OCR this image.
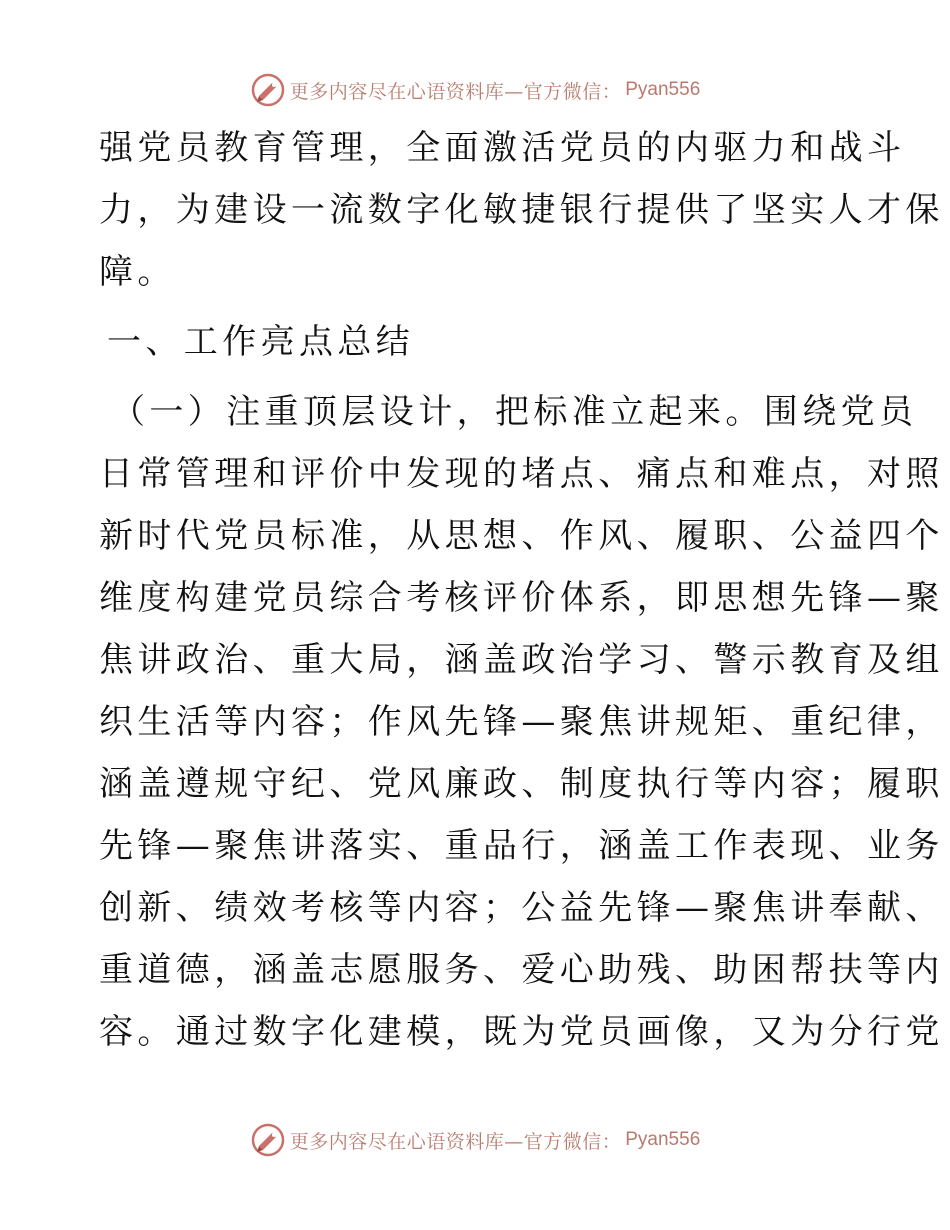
更多内容尽在心语资料库—官方微信： Pyan556
强党员教育管理，全面激活党员的内驱力和战斗
力，为建设一流数字化敏捷银行提供了坚实人才保
障。
一、工作亮点总结
（一）注重顶层设计，把标准立起来。围绕党员
日常管理和评价中发现的堵点、痛点和难点，对照
新时代党员标准，从思想、作风、履职、公益四个
维度构建党员综合考核评价体系，即思想先锋—聚
焦讲政治、重大局，涵盖政治学习、警示教育及组
织生活等内容；作风先锋—聚焦讲规矩、重纪律，
涵盖遵规守纪、党风廉政、制度执行等内容；履职
先锋—聚焦讲落实、重品行，涵盖工作表现、业务
创新、绩效考核等内容；公益先锋—聚焦讲奉献、
重道德，涵盖志愿服务、爱心助残、助困帮扶等内
容。通过数字化建模，既为党员画像，又为分行党
更多内容尽在心语资料库—官方微信： Pyan556
